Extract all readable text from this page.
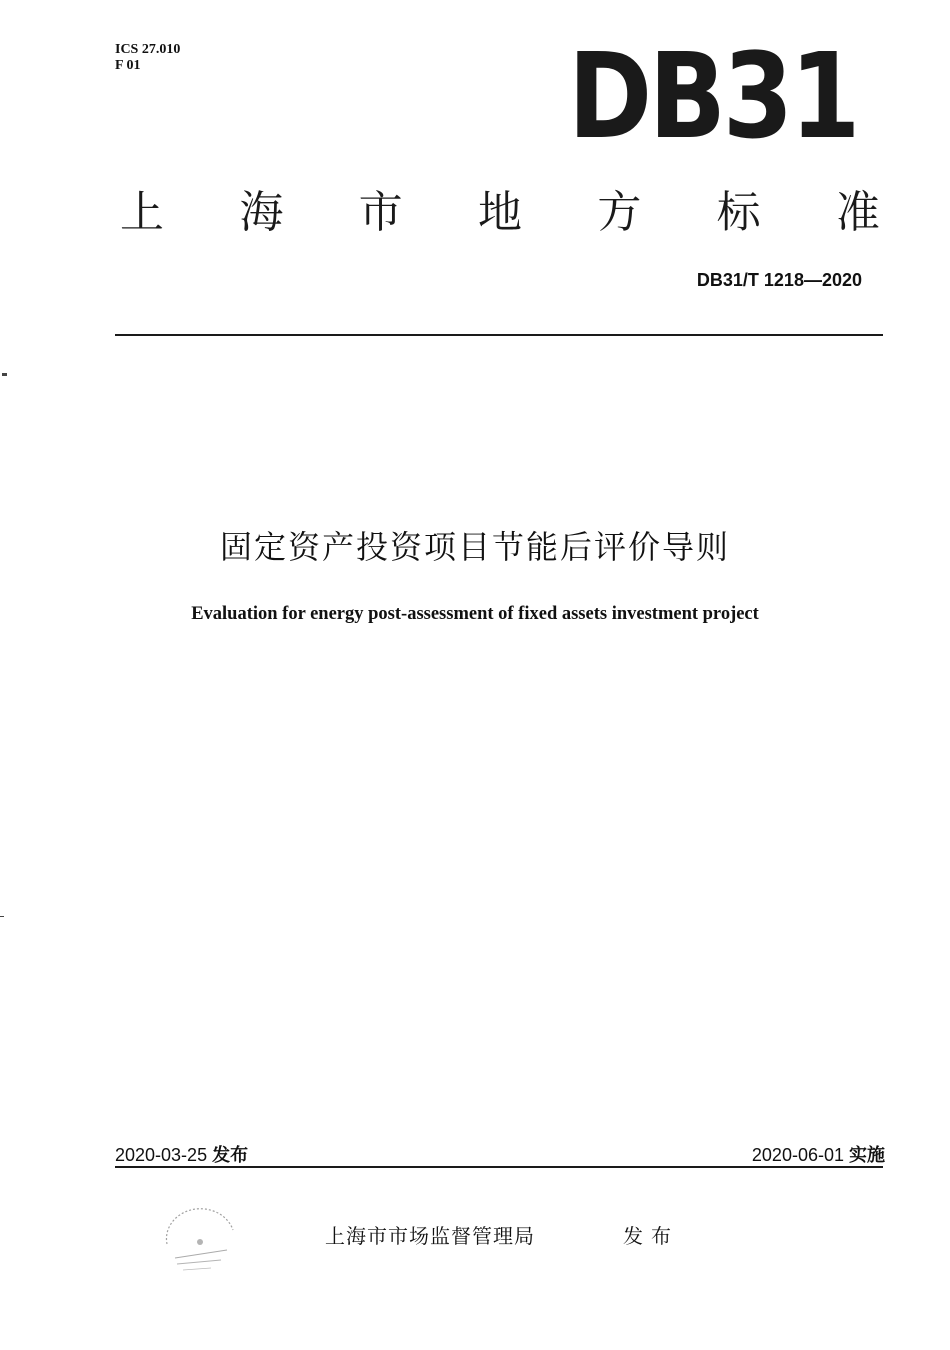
ICS 27.010
F 01	DB31
上 海 市 地 方 标 准
DB31/T 1218—2020
固定资产投资项目节能后评价导则
Evaluation for energy post-assessment of fixed assets investment project
2020-03-25 发布	2020-06-01 实施
上海市市场监督管理局	发布
